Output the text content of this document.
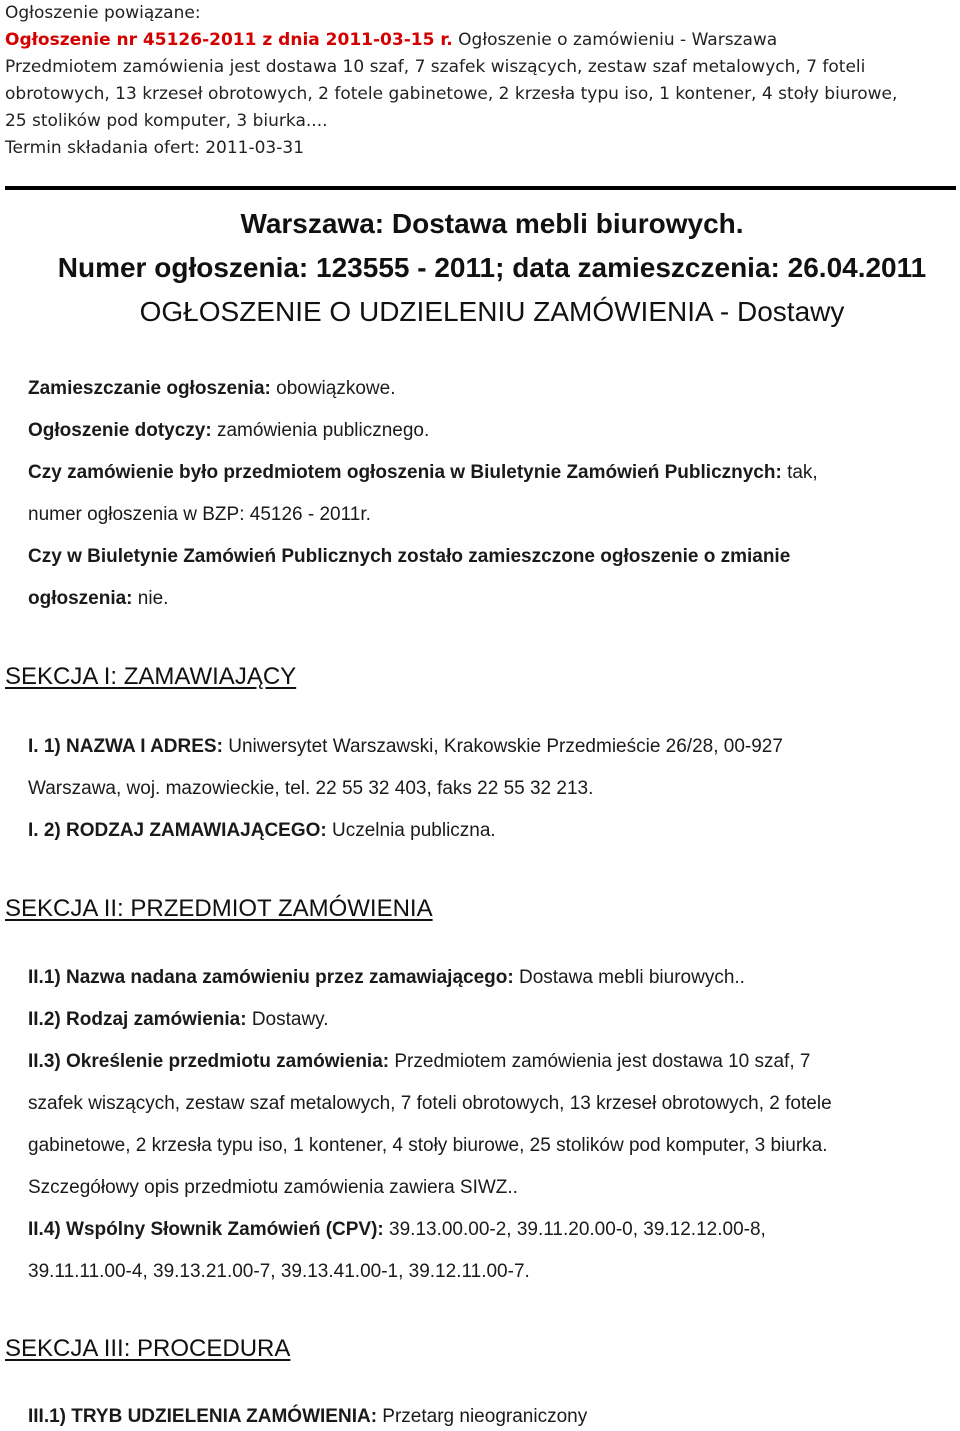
Ogłoszenie powiązane:
Ogłoszenie nr 45126-2011 z dnia 2011-03-15 r. Ogłoszenie o zamówieniu - Warszawa
Przedmiotem zamówienia jest dostawa 10 szaf, 7 szafek wiszących, zestaw szaf metalowych, 7 foteli
obrotowych, 13 krzeseł obrotowych, 2 fotele gabinetowe, 2 krzesła typu iso, 1 kontener, 4 stoły biurowe,
25 stolików pod komputer, 3 biurka....
Termin składania ofert: 2011-03-31
Warszawa: Dostawa mebli biurowych.
Numer ogłoszenia: 123555 - 2011; data zamieszczenia: 26.04.2011
OGŁOSZENIE O UDZIELENIU ZAMÓWIENIA - Dostawy
Zamieszczanie ogłoszenia: obowiązkowe.
Ogłoszenie dotyczy: zamówienia publicznego.
Czy zamówienie było przedmiotem ogłoszenia w Biuletynie Zamówień Publicznych: tak,
numer ogłoszenia w BZP: 45126 - 2011r.
Czy w Biuletynie Zamówień Publicznych zostało zamieszczone ogłoszenie o zmianie
ogłoszenia: nie.
SEKCJA I: ZAMAWIAJĄCY
I. 1) NAZWA I ADRES: Uniwersytet Warszawski, Krakowskie Przedmieście 26/28, 00-927
Warszawa, woj. mazowieckie, tel. 22 55 32 403, faks 22 55 32 213.
I. 2) RODZAJ ZAMAWIAJĄCEGO: Uczelnia publiczna.
SEKCJA II: PRZEDMIOT ZAMÓWIENIA
II.1) Nazwa nadana zamówieniu przez zamawiającego: Dostawa mebli biurowych..
II.2) Rodzaj zamówienia: Dostawy.
II.3) Określenie przedmiotu zamówienia: Przedmiotem zamówienia jest dostawa 10 szaf, 7
szafek wiszących, zestaw szaf metalowych, 7 foteli obrotowych, 13 krzeseł obrotowych, 2 fotele
gabinetowe, 2 krzesła typu iso, 1 kontener, 4 stoły biurowe, 25 stolików pod komputer, 3 biurka.
Szczegółowy opis przedmiotu zamówienia zawiera SIWZ..
II.4) Wspólny Słownik Zamówień (CPV): 39.13.00.00-2, 39.11.20.00-0, 39.12.12.00-8,
39.11.11.00-4, 39.13.21.00-7, 39.13.41.00-1, 39.12.11.00-7.
SEKCJA III: PROCEDURA
III.1) TRYB UDZIELENIA ZAMÓWIENIA: Przetarg nieograniczony
